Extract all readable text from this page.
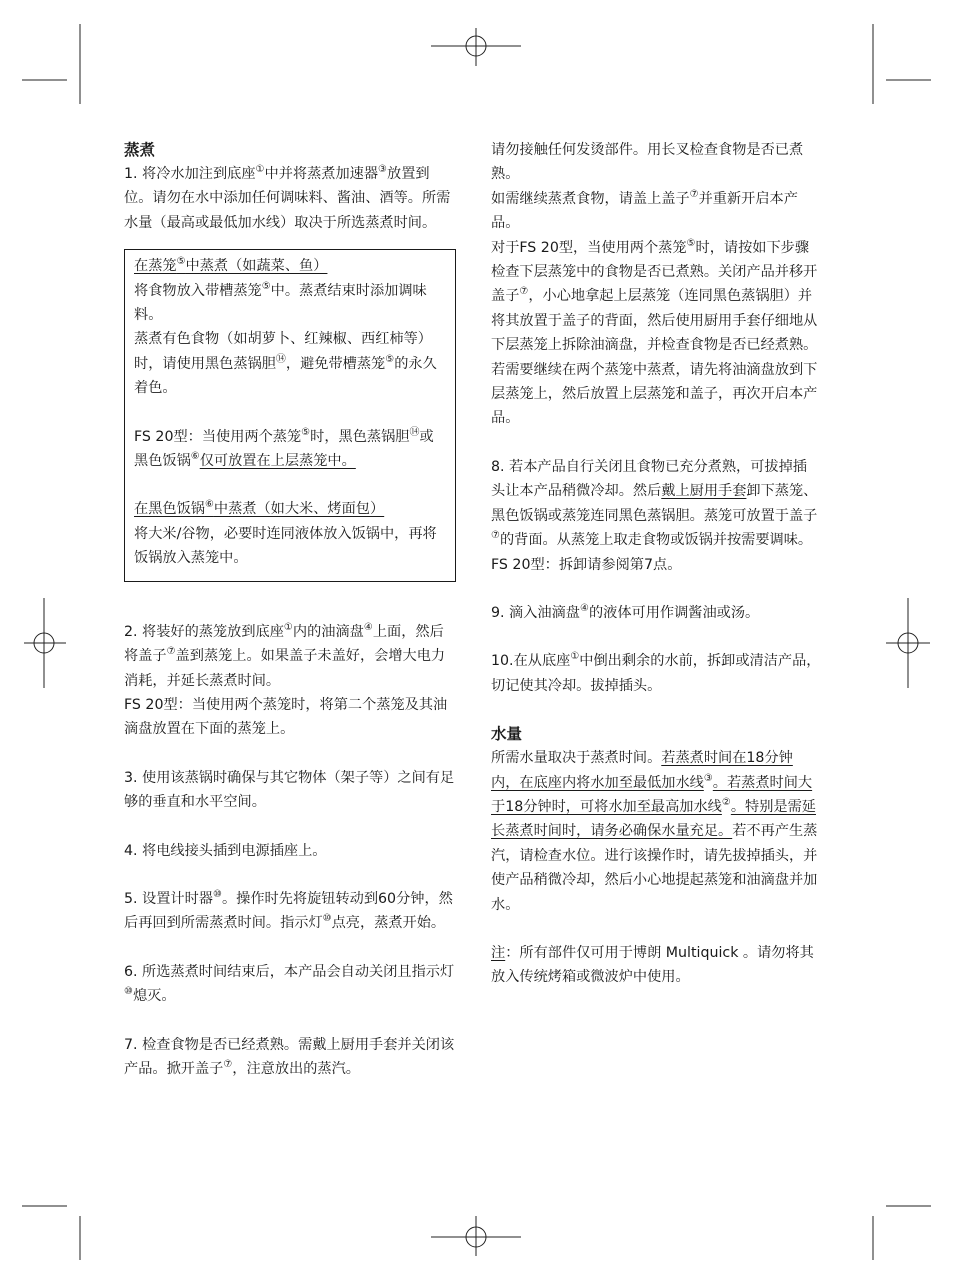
蒸煮

1. 将冷水加注到底座①中并将蒸煮加速器③放置到位。请勿在水中添加任何调味料、酱油、酒等。所需水量（最高或最低加水线）取决于所选蒸煮时间。

在蒸笼⑤中蒸煮（如蔬菜、鱼）

将食物放入带槽蒸笼⑤中。蒸煮结束时添加调味料。

蒸煮有色食物（如胡萝卜、红辣椒、西红柿等）时，请使用黑色蒸锅胆⑭，避免带槽蒸笼⑤的永久着色。

FS 20型：当使用两个蒸笼⑤时，黑色蒸锅胆⑭或黑色饭锅⑥仅可放置在上层蒸笼中。

在黑色饭锅⑥中蒸煮（如大米、烤面包）

将大米/谷物，必要时连同液体放入饭锅中，再将饭锅放入蒸笼中。

2. 将装好的蒸笼放到底座①内的油滴盘④上面，然后将盖子⑦盖到蒸笼上。如果盖子未盖好，会增大电力消耗，并延长蒸煮时间。

FS 20型：当使用两个蒸笼时，将第二个蒸笼及其油滴盘放置在下面的蒸笼上。

3. 使用该蒸锅时确保与其它物体（架子等）之间有足够的垂直和水平空间。

4. 将电线接头插到电源插座上。

5. 设置计时器⑩。操作时先将旋钮转动到60分钟，然后再回到所需蒸煮时间。指示灯⑩点亮，蒸煮开始。

6. 所选蒸煮时间结束后，本产品会自动关闭且指示灯⑩熄灭。

7. 检查食物是否已经煮熟。需戴上厨用手套并关闭该产品。掀开盖子⑦，注意放出的蒸汽。

请勿接触任何发烫部件。用长叉检查食物是否已煮熟。

如需继续蒸煮食物，请盖上盖子⑦并重新开启本产品。

对于FS 20型，当使用两个蒸笼⑤时，请按如下步骤检查下层蒸笼中的食物是否已煮熟。关闭产品并移开盖子⑦，小心地拿起上层蒸笼（连同黑色蒸锅胆）并将其放置于盖子的背面，然后使用厨用手套仔细地从下层蒸笼上拆除油滴盘，并检查食物是否已经煮熟。

若需要继续在两个蒸笼中蒸煮，请先将油滴盘放到下层蒸笼上，然后放置上层蒸笼和盖子，再次开启本产品。

8. 若本产品自行关闭且食物已充分煮熟，可拔掉插头让本产品稍微冷却。然后戴上厨用手套卸下蒸笼、黑色饭锅或蒸笼连同黑色蒸锅胆。蒸笼可放置于盖子⑦的背面。从蒸笼上取走食物或饭锅并按需要调味。

FS 20型：拆卸请参阅第7点。

9. 滴入油滴盘④的液体可用作调酱油或汤。

10.在从底座①中倒出剩余的水前，拆卸或清洁产品，切记使其冷却。拔掉插头。

水量

所需水量取决于蒸煮时间。若蒸煮时间在18分钟内，在底座内将水加至最低加水线③。若蒸煮时间大于18分钟时，可将水加至最高加水线②。特别是需延长蒸煮时间时，请务必确保水量充足。若不再产生蒸汽，请检查水位。进行该操作时，请先拔掉插头，并使产品稍微冷却，然后小心地提起蒸笼和油滴盘并加水。

注：所有部件仅可用于博朗 Multiquick 。请勿将其放入传统烤箱或微波炉中使用。
